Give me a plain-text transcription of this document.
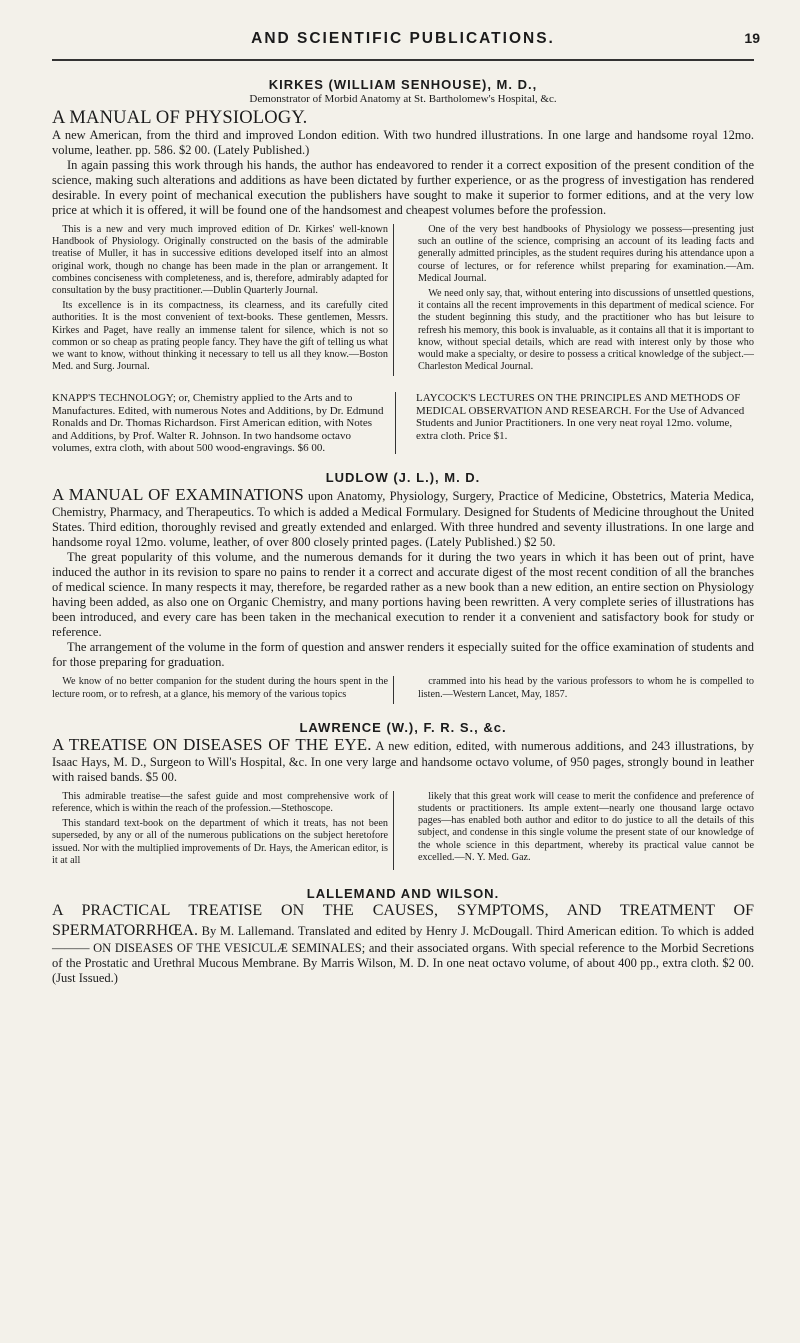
AND SCIENTIFIC PUBLICATIONS.	19
KIRKES (WILLIAM SENHOUSE), M. D.,
Demonstrator of Morbid Anatomy at St. Bartholomew's Hospital, &c.
A MANUAL OF PHYSIOLOGY.
A new American, from the third and improved London edition. With two hundred illustrations. In one large and handsome royal 12mo. volume, leather. pp. 586. $2 00. (Lately Published.)
In again passing this work through his hands, the author has endeavored to render it a correct exposition of the present condition of the science, making such alterations and additions as have been dictated by further experience, or as the progress of investigation has rendered desirable. In every point of mechanical execution the publishers have sought to make it superior to former editions, and at the very low price at which it is offered, it will be found one of the handsomest and cheapest volumes before the profession.

This is a new and very much improved edition of Dr. Kirkes' well-known Handbook of Physiology. Originally constructed on the basis of the admirable treatise of Muller, it has in successive editions developed itself into an almost original work, though no change has been made in the plan or arrangement. It combines conciseness with completeness, and is, therefore, admirably adapted for consultation by the busy practitioner.—Dublin Quarterly Journal.

Its excellence is in its compactness, its clearness, and its carefully cited authorities. It is the most convenient of text-books. These gentlemen, Messrs. Kirkes and Paget, have really an immense talent for silence, which is not so common or so cheap as prating people fancy. They have the gift of telling us what we want to know, without thinking it necessary to tell us all they know.—Boston Med. and Surg. Journal.

One of the very best handbooks of Physiology we possess—presenting just such an outline of the science, comprising an account of its leading facts and generally admitted principles, as the student requires during his attendance upon a course of lectures, or for reference whilst preparing for examination.—Am. Medical Journal.

We need only say, that, without entering into discussions of unsettled questions, it contains all the recent improvements in this department of medical science. For the student beginning this study, and the practitioner who has but leisure to refresh his memory, this book is invaluable, as it contains all that it is important to know, without special details, which are read with interest only by those who would make a specialty, or desire to possess a critical knowledge of the subject.—Charleston Medical Journal.

KNAPP'S TECHNOLOGY; or, Chemistry applied to the Arts and to Manufactures. Edited, with numerous Notes and Additions, by Dr. Edmund Ronalds and Dr. Thomas Richardson. First American edition, with Notes and Additions, by Prof. Walter R. Johnson. In two handsome octavo volumes, extra cloth, with about 500 wood-engravings. $6 00.
LAYCOCK'S LECTURES ON THE PRINCIPLES AND METHODS OF MEDICAL OBSERVATION AND RESEARCH. For the Use of Advanced Students and Junior Practitioners. In one very neat royal 12mo. volume, extra cloth. Price $1.
LUDLOW (J. L.), M. D.
A MANUAL OF EXAMINATIONS upon Anatomy, Physiology, Surgery, Practice of Medicine, Obstetrics, Materia Medica, Chemistry, Pharmacy, and Therapeutics. To which is added a Medical Formulary. Designed for Students of Medicine throughout the United States. Third edition, thoroughly revised and greatly extended and enlarged. With three hundred and seventy illustrations. In one large and handsome royal 12mo. volume, leather, of over 800 closely printed pages. (Lately Published.) $2 50.
The great popularity of this volume, and the numerous demands for it during the two years in which it has been out of print, have induced the author in its revision to spare no pains to render it a correct and accurate digest of the most recent condition of all the branches of medical science. In many respects it may, therefore, be regarded rather as a new book than a new edition, an entire section on Physiology having been added, as also one on Organic Chemistry, and many portions having been rewritten. A very complete series of illustrations has been introduced, and every care has been taken in the mechanical execution to render it a convenient and satisfactory book for study or reference.
The arrangement of the volume in the form of question and answer renders it especially suited for the office examination of students and for those preparing for graduation.

We know of no better companion for the student during the hours spent in the lecture room, or to refresh, at a glance, his memory of the various topics

crammed into his head by the various professors to whom he is compelled to listen.—Western Lancet, May, 1857.

LAWRENCE (W.), F. R. S., &c.
A TREATISE ON DISEASES OF THE EYE. A new edition, edited, with numerous additions, and 243 illustrations, by Isaac Hays, M. D., Surgeon to Will's Hospital, &c. In one very large and handsome octavo volume, of 950 pages, strongly bound in leather with raised bands. $5 00.

This admirable treatise—the safest guide and most comprehensive work of reference, which is within the reach of the profession.—Stethoscope.

This standard text-book on the department of which it treats, has not been superseded, by any or all of the numerous publications on the subject heretofore issued. Nor with the multiplied improvements of Dr. Hays, the American editor, is it at all

likely that this great work will cease to merit the confidence and preference of students or practitioners. Its ample extent—nearly one thousand large octavo pages—has enabled both author and editor to do justice to all the details of this subject, and condense in this single volume the present state of our knowledge of the whole science in this department, whereby its practical value cannot be excelled.—N. Y. Med. Gaz.

LALLEMAND AND WILSON.
A PRACTICAL TREATISE ON THE CAUSES, SYMPTOMS, AND TREATMENT OF SPERMATORRHŒA. By M. Lallemand. Translated and edited by Henry J. McDougall. Third American edition. To which is added ——— ON DISEASES OF THE VESICULÆ SEMINALES; and their associated organs. With special reference to the Morbid Secretions of the Prostatic and Urethral Mucous Membrane. By Marris Wilson, M. D. In one neat octavo volume, of about 400 pp., extra cloth. $2 00. (Just Issued.)
